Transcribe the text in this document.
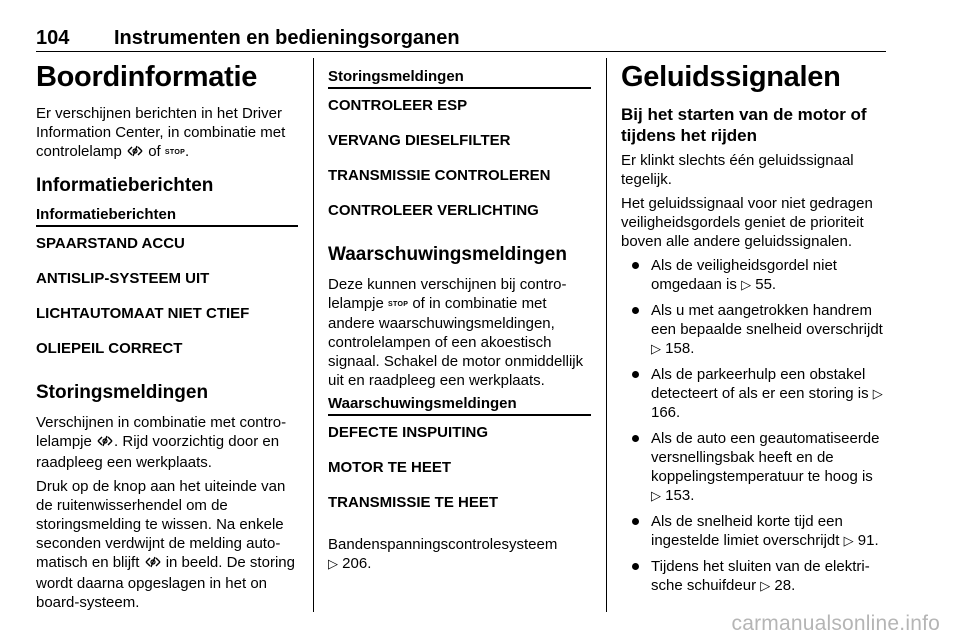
104 Instrumenten en bedieningsorganen
Boordinformatie

Er verschijnen berichten in het Driver Information Center, in combinatie met controlelamp  of STOP.

Informatieberichten
Informatieberichten
SPAARSTAND ACCU
ANTISLIP-SYSTEEM UIT
LICHTAUTOMAAT NIET CTIEF
OLIEPEIL CORRECT
Storingsmeldingen

Verschijnen in combinatie met controlelampje . Rijd voorzichtig door en raadpleeg een werkplaats.

Druk op de knop aan het uiteinde van de ruitenwisserhendel om de storingsmelding te wissen. Na enkele seconden verdwijnt de melding automatisch en blijft  in beeld. De storing wordt daarna opgeslagen in het on board-systeem.

Storingsmeldingen
CONTROLEER ESP
VERVANG DIESELFILTER
TRANSMISSIE CONTROLEREN
CONTROLEER VERLICHTING
Waarschuwingsmeldingen

Deze kunnen verschijnen bij controlelampje STOP of in combinatie met andere waarschuwingsmeldingen, controlelampen of een akoestisch signaal. Schakel de motor onmiddellijk uit en raadpleeg een werkplaats.

Waarschuwingsmeldingen
DEFECTE INSPUITING
MOTOR TE HEET
TRANSMISSIE TE HEET

Bandenspanningscontrolesysteem
▷ 206.

Geluidssignalen
Bij het starten van de motor of tijdens het rijden

Er klinkt slechts één geluidssignaal tegelijk.

Het geluidssignaal voor niet gedragen veiligheidsgordels geniet de prioriteit boven alle andere geluidssignalen.

Als de veiligheidsgordel niet omgedaan is ▷ 55.
Als u met aangetrokken handrem een bepaalde snelheid overschrijdt ▷ 158.
Als de parkeerhulp een obstakel detecteert of als er een storing is ▷ 166.
Als de auto een geautomatiseerde versnellingsbak heeft en de koppelingstemperatuur te hoog is ▷ 153.
Als de snelheid korte tijd een ingestelde limiet overschrijdt ▷ 91.
Tijdens het sluiten van de elektrische schuifdeur ▷ 28.
carmanualsonline.info
